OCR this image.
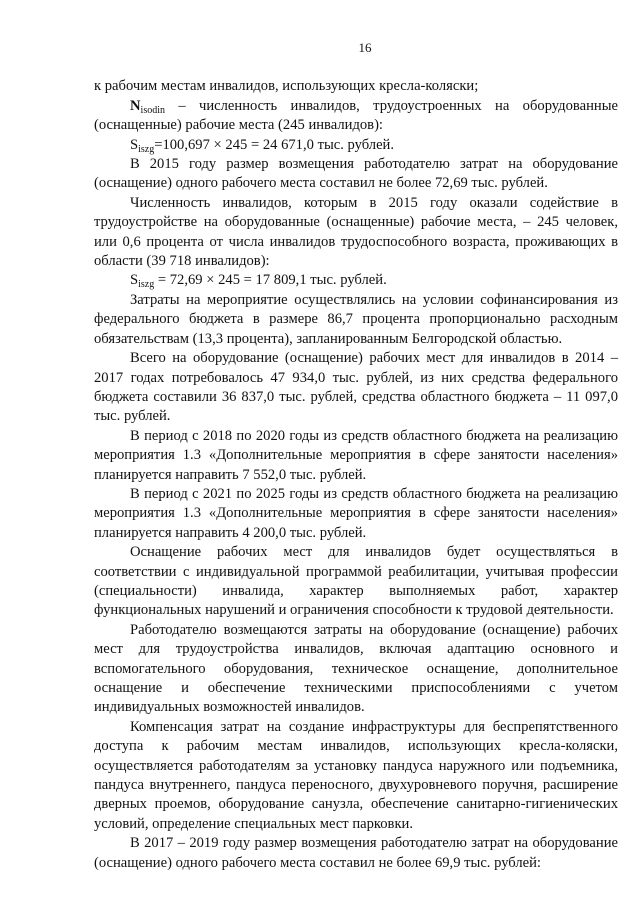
16

к рабочим местам инвалидов, использующих кресла-коляски;

$N_{isodin}$ – численность инвалидов, трудоустроенных на оборудованные (оснащенные) рабочие места (245 инвалидов):

$S_{iszg}=100,697 \times 245 = 24$ 671,0 тыс. рублей.

В 2015 году размер возмещения работодателю затрат на оборудование (оснащение) одного рабочего места составил не более 72,69 тыс. рублей.

Численность инвалидов, которым в 2015 году оказали содействие в трудоустройстве на оборудованные (оснащенные) рабочие места, – 245 человек, или 0,6 процента от числа инвалидов трудоспособного возраста, проживающих в области (39 718 инвалидов):

$S_{iszg} = 72,69 \times 245 = 17$ 809,1 тыс. рублей.

Затраты на мероприятие осуществлялись на условии софинансирования из федерального бюджета в размере 86,7 процента пропорционально расходным обязательствам (13,3 процента), запланированным Белгородской областью.

Всего на оборудование (оснащение) рабочих мест для инвалидов в 2014 – 2017 годах потребовалось 47 934,0 тыс. рублей, из них средства федерального бюджета составили 36 837,0 тыс. рублей, средства областного бюджета – 11 097,0 тыс. рублей.

В период с 2018 по 2020 годы из средств областного бюджета на реализацию мероприятия 1.3 «Дополнительные мероприятия в сфере занятости населения» планируется направить 7 552,0 тыс. рублей.

В период с 2021 по 2025 годы из средств областного бюджета на реализацию мероприятия 1.3 «Дополнительные мероприятия в сфере занятости населения» планируется направить 4 200,0 тыс. рублей.

Оснащение рабочих мест для инвалидов будет осуществляться в соответствии с индивидуальной программой реабилитации, учитывая профессии (специальности) инвалида, характер выполняемых работ, характер функциональных нарушений и ограничения способности к трудовой деятельности.

Работодателю возмещаются затраты на оборудование (оснащение) рабочих мест для трудоустройства инвалидов, включая адаптацию основного и вспомогательного оборудования, техническое оснащение, дополнительное оснащение и обеспечение техническими приспособлениями с учетом индивидуальных возможностей инвалидов.

Компенсация затрат на создание инфраструктуры для беспрепятственного доступа к рабочим местам инвалидов, использующих кресла-коляски, осуществляется работодателям за установку пандуса наружного или подъемника, пандуса внутреннего, пандуса переносного, двухуровневого поручня, расширение дверных проемов, оборудование санузла, обеспечение санитарно-гигиенических условий, определение специальных мест парковки.

В 2017 – 2019 году размер возмещения работодателю затрат на оборудование (оснащение) одного рабочего места составил не более 69,9 тыс. рублей:
